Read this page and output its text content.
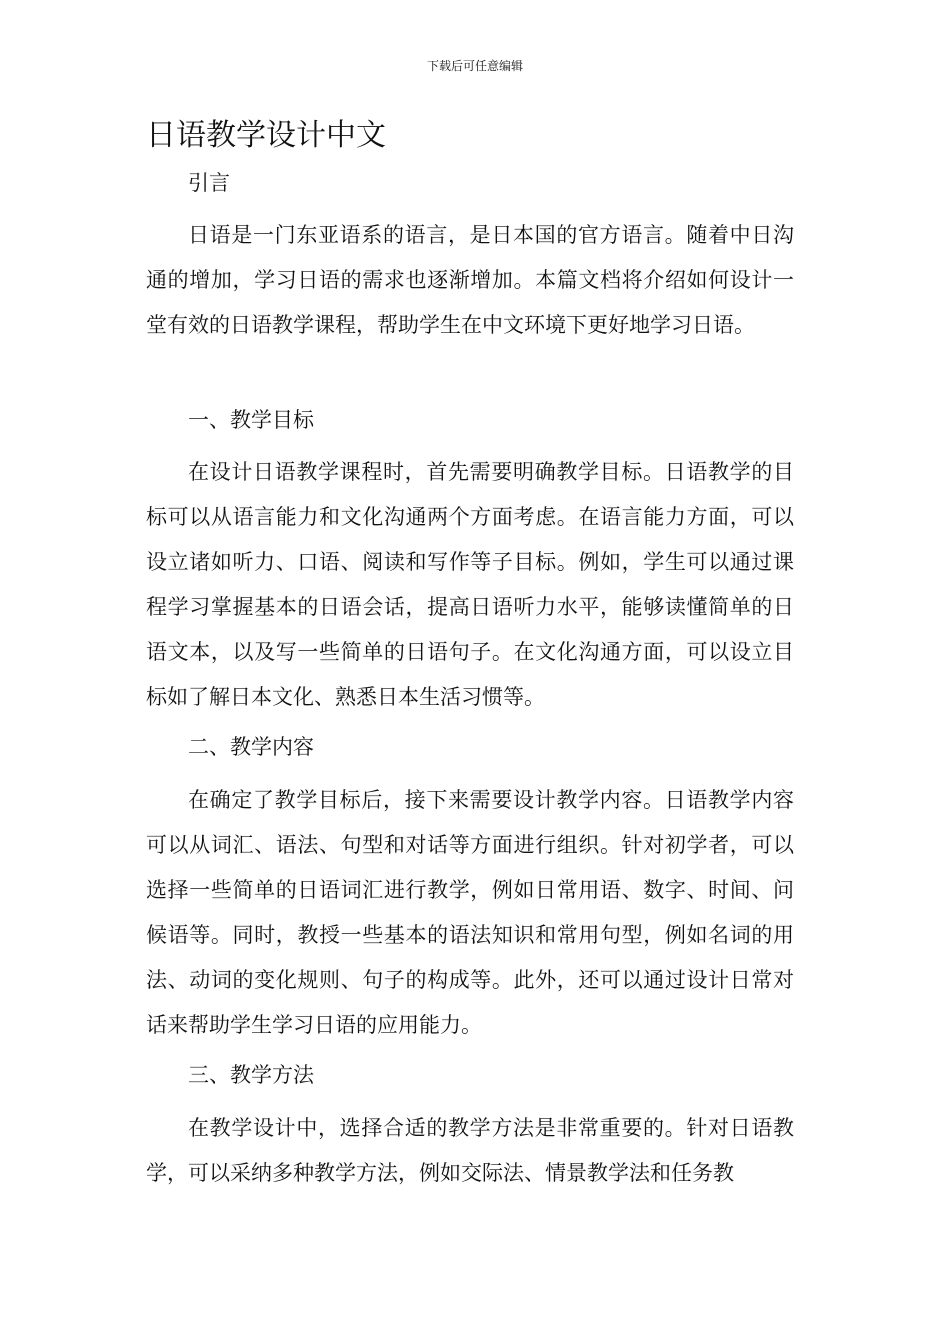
下载后可任意编辑
日语教学设计中文

引言

日语是一门东亚语系的语言，是日本国的官方语言。随着中日沟通的增加，学习日语的需求也逐渐增加。本篇文档将介绍如何设计一堂有效的日语教学课程，帮助学生在中文环境下更好地学习日语。

一、教学目标

在设计日语教学课程时，首先需要明确教学目标。日语教学的目标可以从语言能力和文化沟通两个方面考虑。在语言能力方面，可以设立诸如听力、口语、阅读和写作等子目标。例如，学生可以通过课程学习掌握基本的日语会话，提高日语听力水平，能够读懂简单的日语文本，以及写一些简单的日语句子。在文化沟通方面，可以设立目标如了解日本文化、熟悉日本生活习惯等。

二、教学内容

在确定了教学目标后，接下来需要设计教学内容。日语教学内容可以从词汇、语法、句型和对话等方面进行组织。针对初学者，可以选择一些简单的日语词汇进行教学，例如日常用语、数字、时间、问候语等。同时，教授一些基本的语法知识和常用句型，例如名词的用法、动词的变化规则、句子的构成等。此外，还可以通过设计日常对话来帮助学生学习日语的应用能力。

三、教学方法

在教学设计中，选择合适的教学方法是非常重要的。针对日语教学，可以采纳多种教学方法，例如交际法、情景教学法和任务教
